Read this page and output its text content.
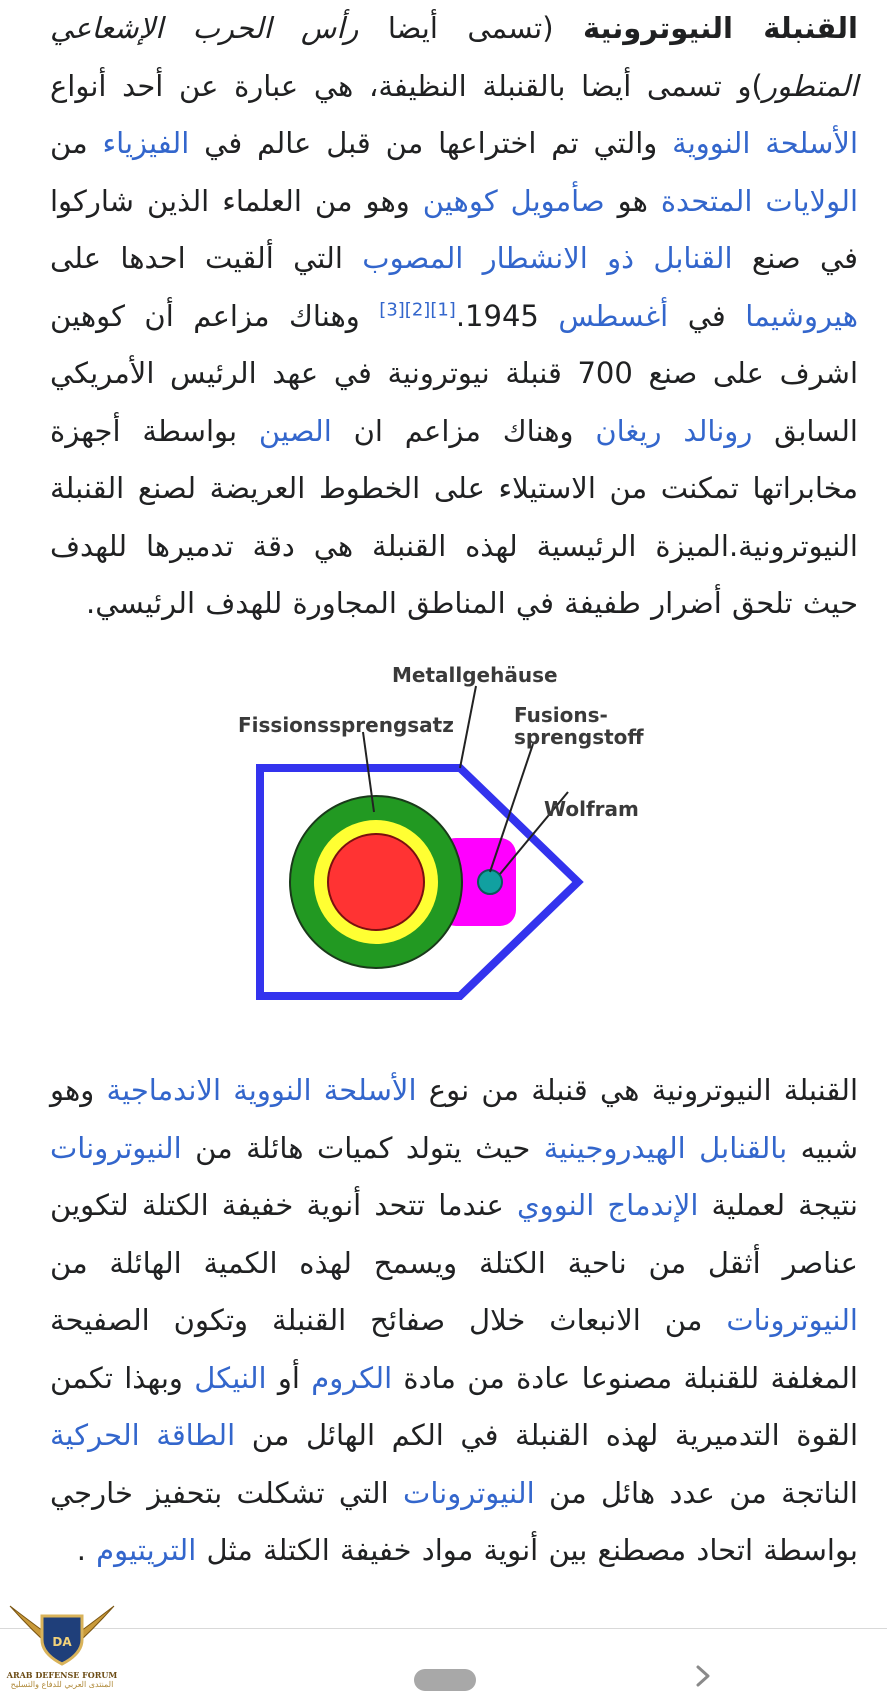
القنبلة النيوترونية (تسمى أيضا رأس الحرب الإشعاعي المتطور)و تسمى أيضا بالقنبلة النظيفة، هي عبارة عن أحد أنواع الأسلحة النووية والتي تم اختراعها من قبل عالم في الفيزياء من الولايات المتحدة هو صأمويل كوهين وهو من العلماء الذين شاركوا في صنع القنابل ذو الانشطار المصوب التي ألقيت احدها على هيروشيما في أغسطس 1945.[1][2][3] وهناك مزاعم أن كوهين اشرف على صنع 700 قنبلة نيوترونية في عهد الرئيس الأمريكي السابق رونالد ريغان وهناك مزاعم ان الصين بواسطة أجهزة مخابراتها تمكنت من الاستيلاء على الخطوط العريضة لصنع القنبلة النيوترونية.الميزة الرئيسية لهذه القنبلة هي دقة تدميرها للهدف حيث تلحق أضرار طفيفة في المناطق المجاورة للهدف الرئيسي.
Metallgehäuse
Fissionssprengsatz	Fusions-
sprengstoff
Wolfram
القنبلة النيوترونية هي قنبلة من نوع الأسلحة النووية الاندماجية وهو شبيه بالقنابل الهيدروجينية حيث يتولد كميات هائلة من النيوترونات نتيجة لعملية الإندماج النووي عندما تتحد أنوية خفيفة الكتلة لتكوين عناصر أثقل من ناحية الكتلة ويسمح لهذه الكمية الهائلة من النيوترونات من الانبعاث خلال صفائح القنبلة وتكون الصفيحة المغلفة للقنبلة مصنوعا عادة من مادة الكروم أو النيكل وبهذا تكمن القوة التدميرية لهذه القنبلة في الكم الهائل من الطاقة الحركية الناتجة من عدد هائل من النيوترونات التي تشكلت بتحفيز خارجي بواسطة اتحاد مصطنع بين أنوية مواد خفيفة الكتلة مثل التريتيوم .
DA
ARAB DEFENSE FORUM
المنتدى العربي للدفاع والتسليح
